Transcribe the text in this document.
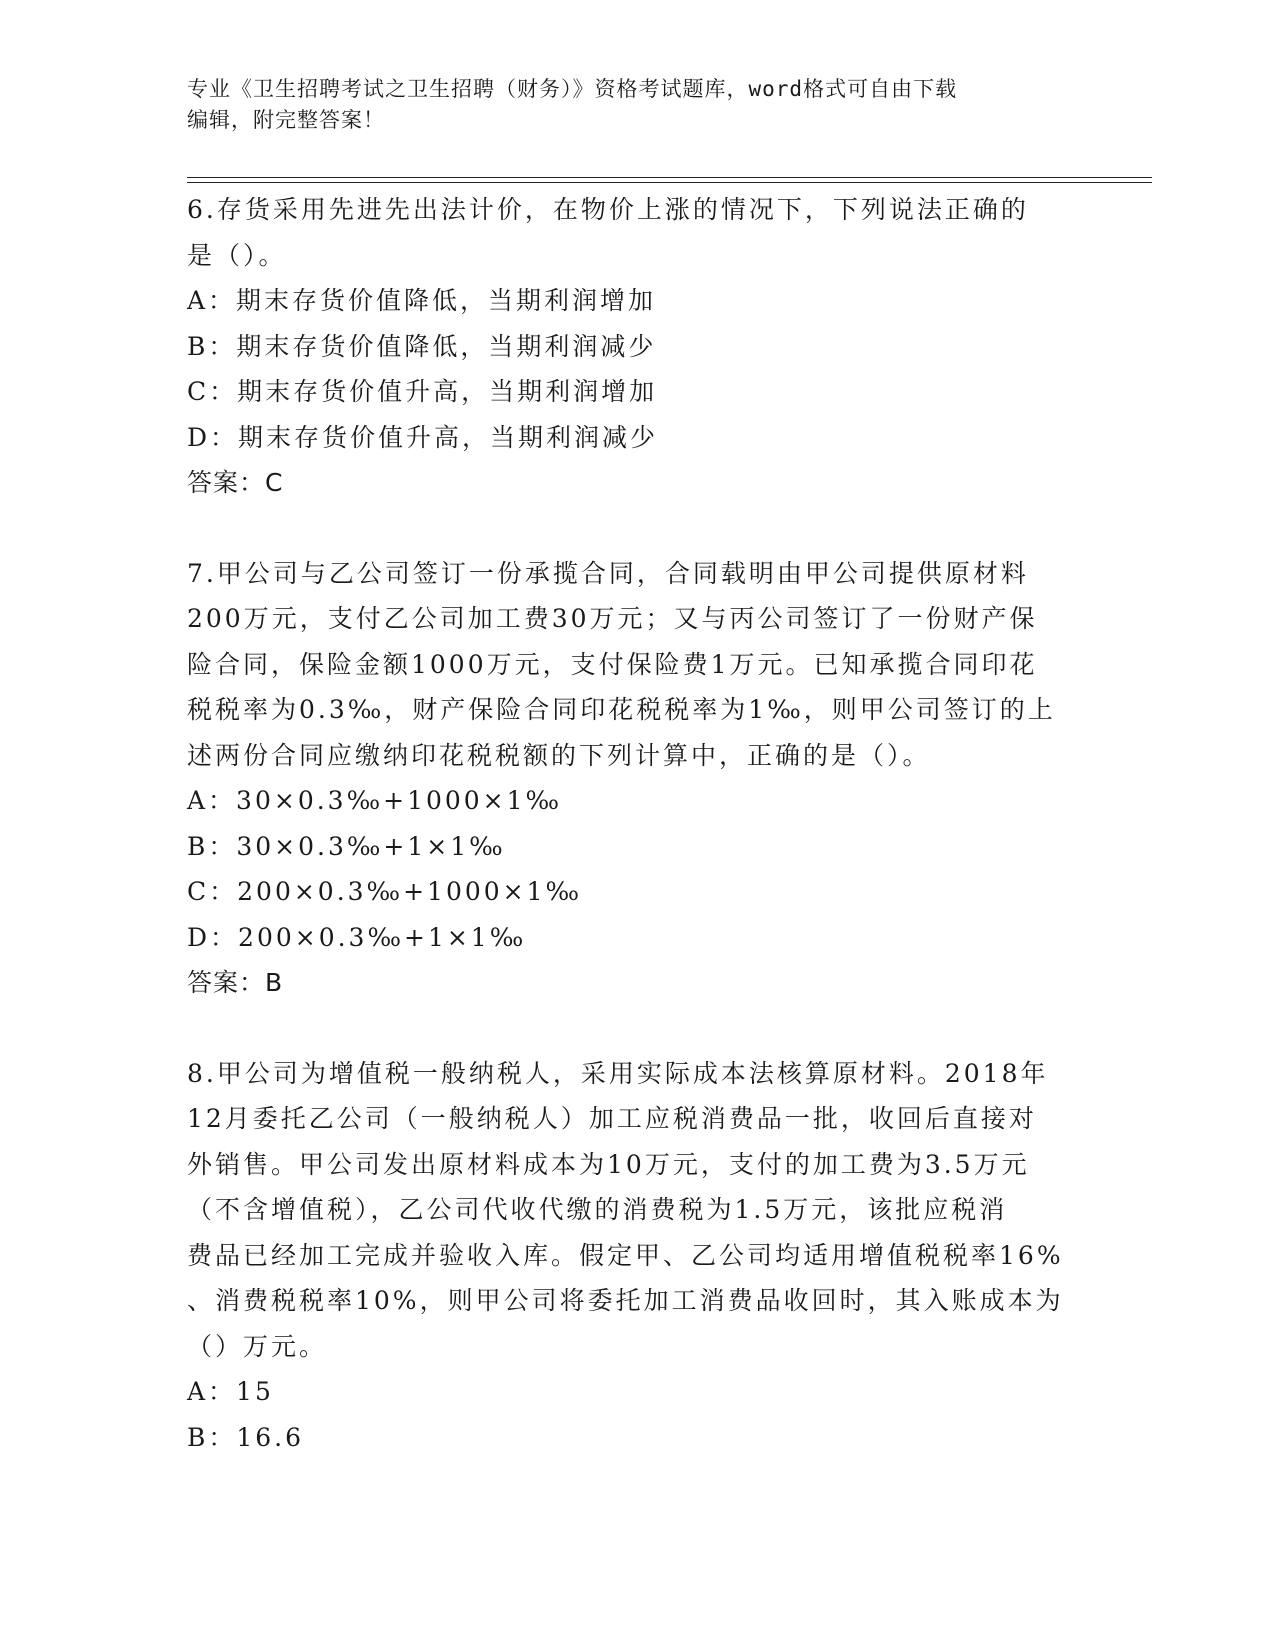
专业《卫生招聘考试之卫生招聘（财务）》资格考试题库，word格式可自由下载
编辑，附完整答案！

6.存货采用先进先出法计价，在物价上涨的情况下，下列说法正确的

是（）。

A：期末存货价值降低，当期利润增加

B：期末存货价值降低，当期利润减少

C：期末存货价值升高，当期利润增加

D：期末存货价值升高，当期利润减少

答案：C

7.甲公司与乙公司签订一份承揽合同，合同载明由甲公司提供原材料

200万元，支付乙公司加工费30万元；又与丙公司签订了一份财产保

险合同，保险金额1000万元，支付保险费1万元。已知承揽合同印花

税税率为0.3‰，财产保险合同印花税税率为1‰，则甲公司签订的上

述两份合同应缴纳印花税税额的下列计算中，正确的是（）。

A：30×0.3‰+1000×1‰

B：30×0.3‰+1×1‰

C：200×0.3‰+1000×1‰

D：200×0.3‰+1×1‰

答案：B

8.甲公司为增值税一般纳税人，采用实际成本法核算原材料。2018年

12月委托乙公司（一般纳税人）加工应税消费品一批，收回后直接对

外销售。甲公司发出原材料成本为10万元，支付的加工费为3.5万元

（不含增值税），乙公司代收代缴的消费税为1.5万元，该批应税消

费品已经加工完成并验收入库。假定甲、乙公司均适用增值税税率16%

、消费税税率10%，则甲公司将委托加工消费品收回时，其入账成本为

（）万元。

A：15

B：16.6
